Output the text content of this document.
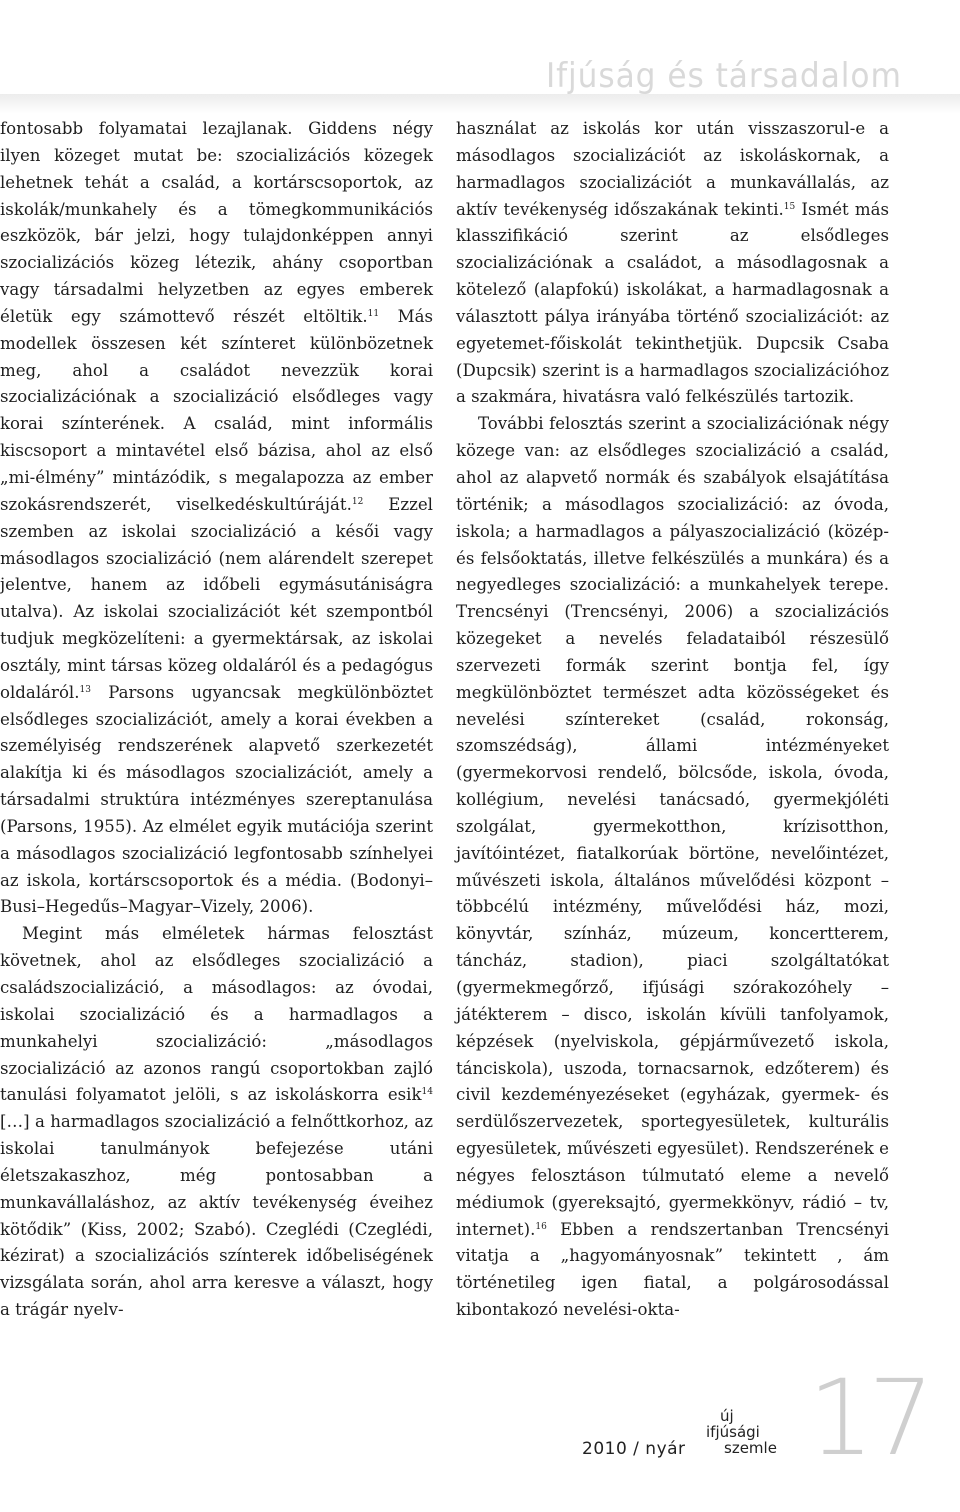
Ifjúság és társadalom

fontosabb folyamatai lezajlanak. Giddens négy ilyen közeget mutat be: szocializációs közegek lehetnek tehát a család, a kortárscsoportok, az iskolák/munkahely és a tömegkommunikációs eszközök, bár jelzi, hogy tulajdonképpen annyi szocializációs közeg létezik, ahány csoportban vagy társadalmi helyzetben az egyes emberek életük egy számottevő részét eltöltik.$^{11}$ Más modellek összesen két színteret különbözetnek meg, ahol a családot nevezzük korai szocializációnak a szocializáció elsődleges vagy korai színterének. A család, mint informális kiscsoport a mintavétel első bázisa, ahol az első „mi-élmény” mintázódik, s megalapozza az ember szokásrendszerét, viselkedéskultúráját.$^{12}$ Ezzel szemben az iskolai szocializáció a késői vagy másodlagos szocializáció (nem alárendelt szerepet jelentve, hanem az időbeli egymásutániságra utalva). Az iskolai szocializációt két szempontból tudjuk megközelíteni: a gyermektársak, az iskolai osztály, mint társas közeg oldaláról és a pedagógus oldaláról.$^{13}$ Parsons ugyancsak megkülönböztet elsődleges szocializációt, amely a korai években a személyiség rendszerének alapvető szerkezetét alakítja ki és másodlagos szocializációt, amely a társadalmi struktúra intézményes szereptanulása (Parsons, 1955). Az elmélet egyik mutációja szerint a másodlagos szocializáció legfontosabb színhelyei az iskola, kortárscsoportok és a média. (Bodonyi–Busi–Hegedűs–Magyar–Vizely, 2006).

Megint más elméletek hármas felosztást követnek, ahol az elsődleges szocializáció a családszocializáció, a másodlagos: az óvodai, iskolai szocializáció és a harmadlagos a munkahelyi szocializáció: „másodlagos szocializáció az azonos rangú csoportokban zajló tanulási folyamatot jelöli, s az iskoláskorra esik$^{14}$ […] a harmadlagos szocializáció a felnőttkorhoz, az iskolai tanulmányok befejezése utáni életszakaszhoz, még pontosabban a munkavállaláshoz, az aktív tevékenység éveihez kötődik” (Kiss, 2002; Szabó). Czeglédi (Czeglédi, kézirat) a szocializációs színterek időbeliségének vizsgálata során, ahol arra keresve a választ, hogy a trágár nyelv-

használat az iskolás kor után visszaszorul-e a másodlagos szocializációt az iskoláskornak, a harmadlagos szocializációt a munkavállalás, az aktív tevékenység időszakának tekinti.$^{15}$ Ismét más klasszifikáció szerint az elsődleges szocializációnak a családot, a másodlagosnak a kötelező (alapfokú) iskolákat, a harmadlagosnak a választott pálya irányába történő szocializációt: az egyetemet-főiskolát tekinthetjük. Dupcsik Csaba (Dupcsik) szerint is a harmadlagos szocializációhoz a szakmára, hivatásra való felkészülés tartozik.

További felosztás szerint a szocializációnak négy közege van: az elsődleges szocializáció a család, ahol az alapvető normák és szabályok elsajátítása történik; a másodlagos szocializáció: az óvoda, iskola; a harmadlagos a pályaszocializáció (közép- és felsőoktatás, illetve felkészülés a munkára) és a negyedleges szocializáció: a munkahelyek terepe. Trencsényi (Trencsényi, 2006) a szocializációs közegeket a nevelés feladataiból részesülő szervezeti formák szerint bontja fel, így megkülönböztet természet adta közösségeket és nevelési színtereket (család, rokonság, szomszédság), állami intézményeket (gyermekorvosi rendelő, bölcsőde, iskola, óvoda, kollégium, nevelési tanácsadó, gyermekjóléti szolgálat, gyermekotthon, krízisotthon, javítóintézet, fiatalkorúak börtöne, nevelőintézet, művészeti iskola, általános művelődési központ – többcélú intézmény, művelődési ház, mozi, könyvtár, színház, múzeum, koncertterem, táncház, stadion), piaci szolgáltatókat (gyermekmegőrző, ifjúsági szórakozóhely – játékterem – disco, iskolán kívüli tanfolyamok, képzések (nyelviskola, gépjárművezető iskola, tánciskola), uszoda, tornacsarnok, edzőterem) és civil kezdeményezéseket (egyházak, gyermek- és serdülőszervezetek, sportegyesületek, kulturális egyesületek, művészeti egyesület). Rendszerének e négyes felosztáson túlmutató eleme a nevelő médiumok (gyereksajtó, gyermekkönyv, rádió – tv, internet).$^{16}$ Ebben a rendszertanban Trencsényi vitatja a „hagyományosnak” tekintett , ám történetileg igen fiatal, a polgárosodással kibontakozó nevelési-okta-

2010 / nyár
új
ifjúsági
szemle 17
